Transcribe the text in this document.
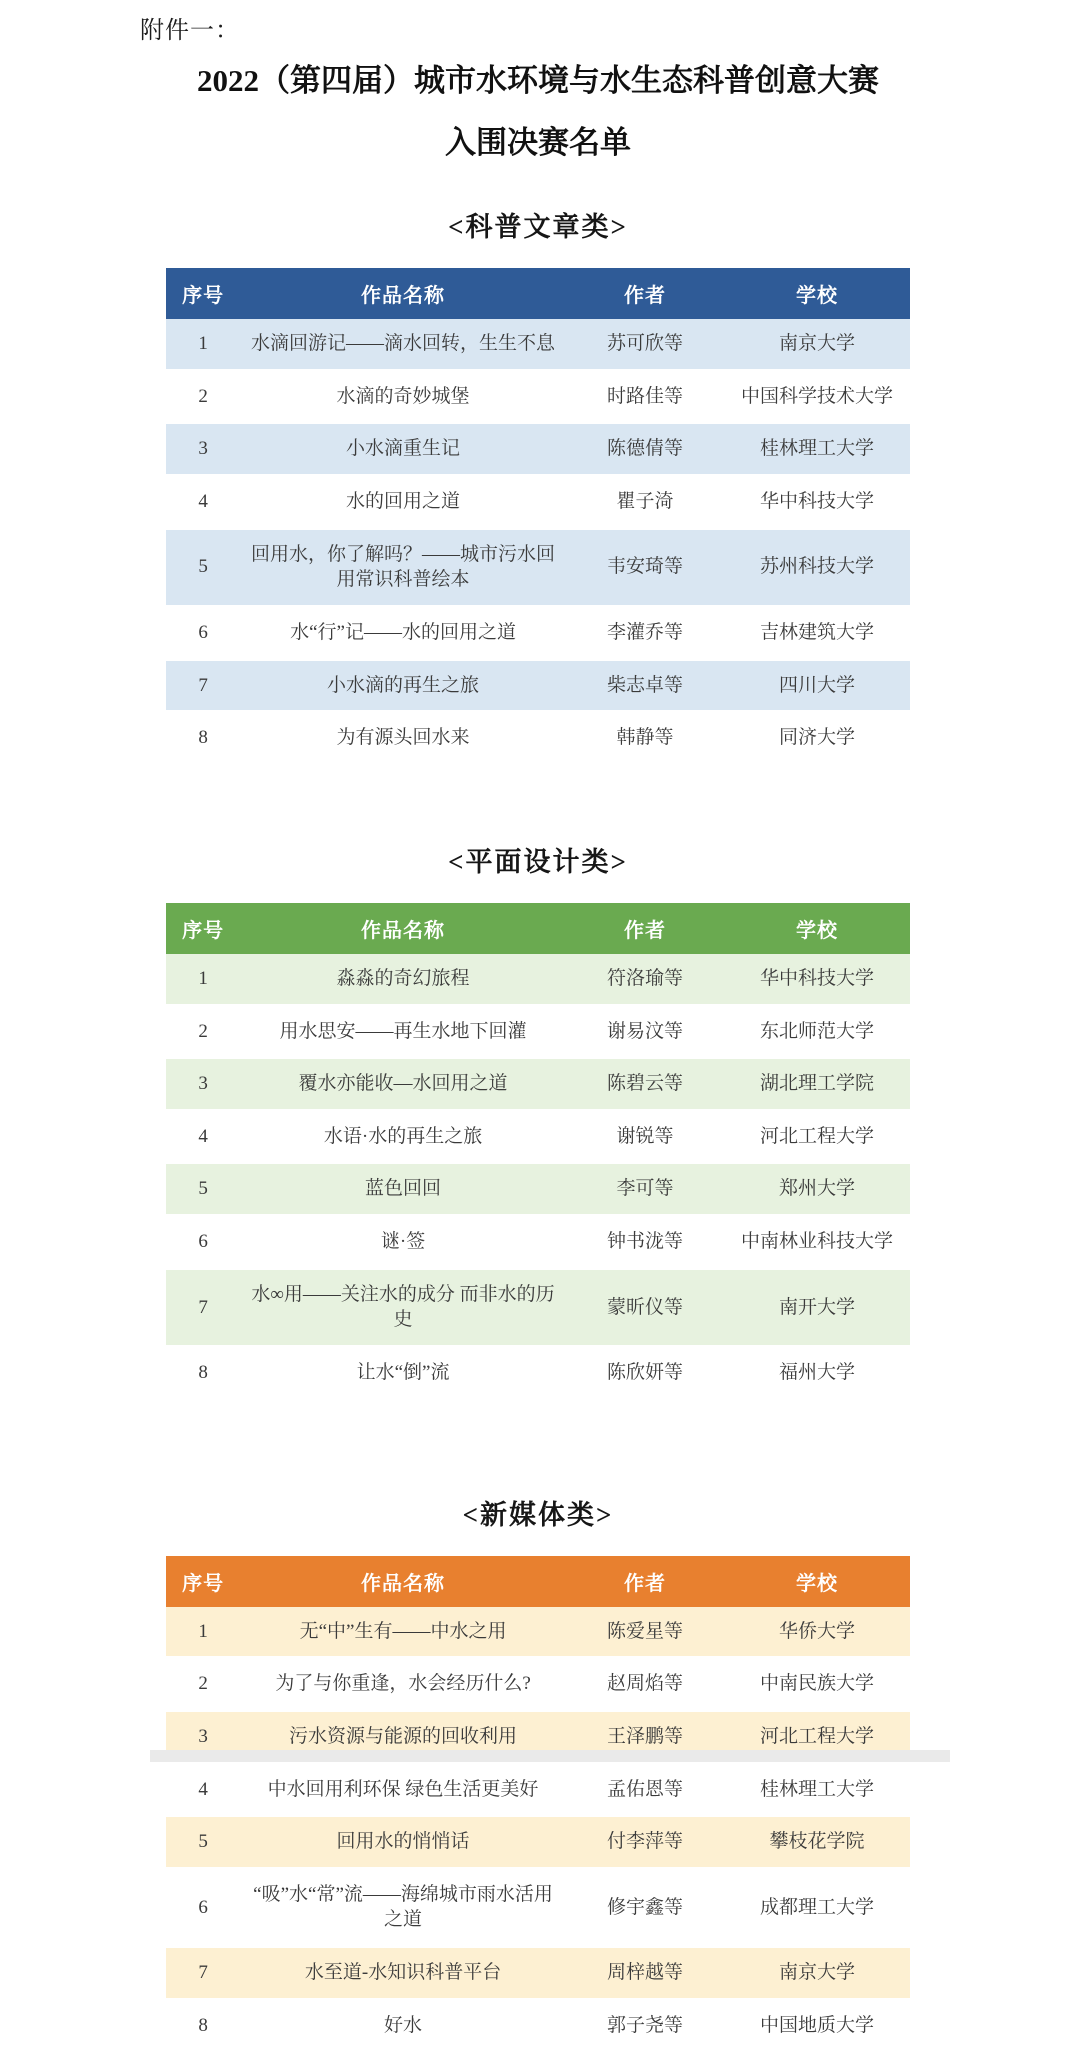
附件一：
2022（第四届）城市水环境与水生态科普创意大赛
入围决赛名单
<科普文章类>
序号	作品名称	作者	学校
1	水滴回游记——滴水回转，生生不息	苏可欣等	南京大学
2	水滴的奇妙城堡	时路佳等	中国科学技术大学
3	小水滴重生记	陈德倩等	桂林理工大学
4	水的回用之道	瞿子渏	华中科技大学
5	回用水，你了解吗？——城市污水回用常识科普绘本	韦安琦等	苏州科技大学
6	水“行”记——水的回用之道	李灌乔等	吉林建筑大学
7	小水滴的再生之旅	柴志卓等	四川大学
8	为有源头回水来	韩静等	同济大学
<平面设计类>
序号	作品名称	作者	学校
1	淼淼的奇幻旅程	符洛瑜等	华中科技大学
2	用水思安——再生水地下回灌	谢易汶等	东北师范大学
3	覆水亦能收—水回用之道	陈碧云等	湖北理工学院
4	水语·水的再生之旅	谢锐等	河北工程大学
5	蓝色回回	李可等	郑州大学
6	谜·签	钟书泷等	中南林业科技大学
7	水∞用——关注水的成分 而非水的历史	蒙昕仪等	南开大学
8	让水“倒”流	陈欣妍等	福州大学
<新媒体类>
序号	作品名称	作者	学校
1	无“中”生有——中水之用	陈爱星等	华侨大学
2	为了与你重逢，水会经历什么?	赵周焰等	中南民族大学
3	污水资源与能源的回收利用	王泽鹏等	河北工程大学
4	中水回用利环保 绿色生活更美好	孟佑恩等	桂林理工大学
5	回用水的悄悄话	付李萍等	攀枝花学院
6	“吸”水“常”流——海绵城市雨水活用之道	修宇鑫等	成都理工大学
7	水至道-水知识科普平台	周梓越等	南京大学
8	好水	郭子尧等	中国地质大学
